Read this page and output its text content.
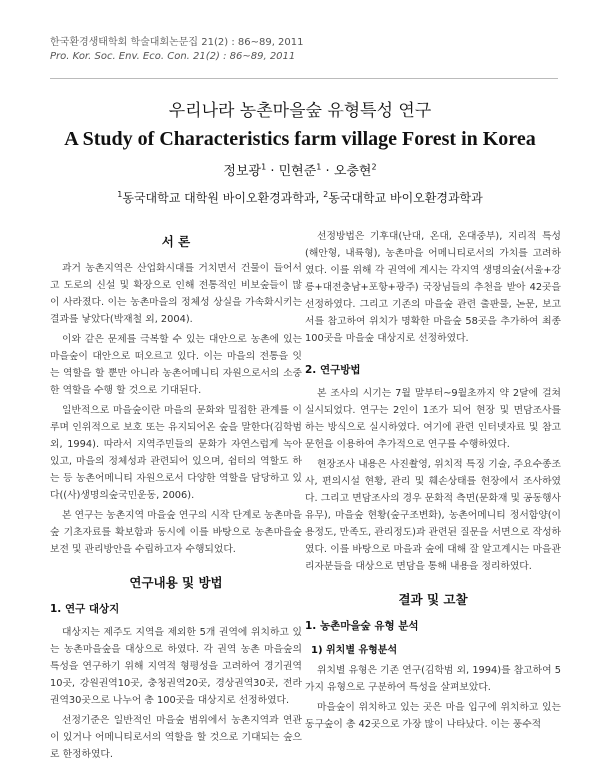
한국환경생태학회 학술대회논문집 21(2) : 86~89, 2011
Pro. Kor. Soc. Env. Eco. Con. 21(2) : 86~89, 2011
우리나라 농촌마을숲 유형특성 연구
A Study of Characteristics farm village Forest in Korea
정보광$^1$ · 민현준$^1$ · 오충현$^2$
$^1$동국대학교 대학원 바이오환경과학과, $^2$동국대학교 바이오환경과학과
서 론

과거 농촌지역은 산업화시대를 거치면서 건물이 들어서고 도로의 신설 및 확장으로 인해 전통적인 비보숲들이 많이 사라졌다. 이는 농촌마을의 정체성 상실을 가속화시키는 결과를 낳았다(박재철 외, 2004).

이와 같은 문제를 극복할 수 있는 대안으로 농촌에 있는 마을숲이 대안으로 떠오르고 있다. 이는 마을의 전통을 잇는 역할을 할 뿐만 아니라 농촌어메니티 자원으로서의 소중한 역할을 수행 할 것으로 기대된다.

일반적으로 마을숲이란 마을의 문화와 밀접한 관계를 이루며 인위적으로 보호 또는 유지되어온 숲을 말한다(김학범 외, 1994). 따라서 지역주민들의 문화가 자연스럽게 녹아있고, 마을의 정체성과 관련되어 있으며, 쉼터의 역할도 하는 등 농촌어메니티 자원으로서 다양한 역할을 담당하고 있다((사)생명의숲국민운동, 2006).

본 연구는 농촌지역 마을숲 연구의 시작 단계로 농촌마을숲 기초자료를 확보함과 동시에 이를 바탕으로 농촌마을숲 보전 및 관리방안을 수립하고자 수행되었다.

연구내용 및 방법
1. 연구 대상지

대상지는 제주도 지역을 제외한 5개 권역에 위치하고 있는 농촌마을숲을 대상으로 하였다. 각 권역 농촌 마을숲의 특성을 연구하기 위해 지역적 형평성을 고려하여 경기권역 10곳, 강원권역10곳, 충청권역20곳, 경상권역30곳, 전라권역30곳으로 나누어 총 100곳을 대상지로 선정하였다.

선정기준은 일반적인 마을숲 범위에서 농촌지역과 연관이 있거나 어메니티로서의 역할을 할 것으로 기대되는 숲으로 한정하였다.

선정방법은 기후대(난대, 온대, 온대중부), 지리적 특성(해안형, 내륙형), 농촌마을 어메니티로서의 가치를 고려하였다. 이를 위해 각 권역에 계시는 각지역 생명의숲(서울+강릉+대전충남+포항+광주) 국장님들의 추천을 받아 42곳을 선정하였다. 그리고 기존의 마을숲 관련 출판물, 논문, 보고서를 참고하여 위치가 명확한 마을숲 58곳을 추가하여 최종 100곳을 마을숲 대상지로 선정하였다.

2. 연구방법

본 조사의 시기는 7월 말부터~9월초까지 약 2달에 걸쳐 실시되었다. 연구는 2인이 1조가 되어 현장 및 면담조사를 하는 방식으로 실시하였다. 여기에 관련 인터넷자료 및 참고문헌을 이용하여 추가적으로 연구를 수행하였다.

현장조사 내용은 사진촬영, 위치적 특징 기술, 주요수종조사, 편의시설 현황, 관리 및 훼손상태를 현장에서 조사하였다. 그리고 면담조사의 경우 문화적 측면(문화재 및 공동행사 유무), 마을숲 현황(숲구조변화), 농촌어메니티 정서함양(이용정도, 만족도, 관리정도)과 관련된 질문을 서면으로 작성하였다. 이를 바탕으로 마을과 숲에 대해 잘 알고계시는 마을관리자분들을 대상으로 면담을 통해 내용을 정리하였다.

결과 및 고찰
1. 농촌마을숲 유형 분석
1) 위치별 유형분석

위치별 유형은 기존 연구(김학범 외, 1994)를 참고하여 5가지 유형으로 구분하여 특성을 살펴보았다.

마을숲이 위치하고 있는 곳은 마을 입구에 위치하고 있는 동구숲이 총 42곳으로 가장 많이 나타났다. 이는 풍수적
